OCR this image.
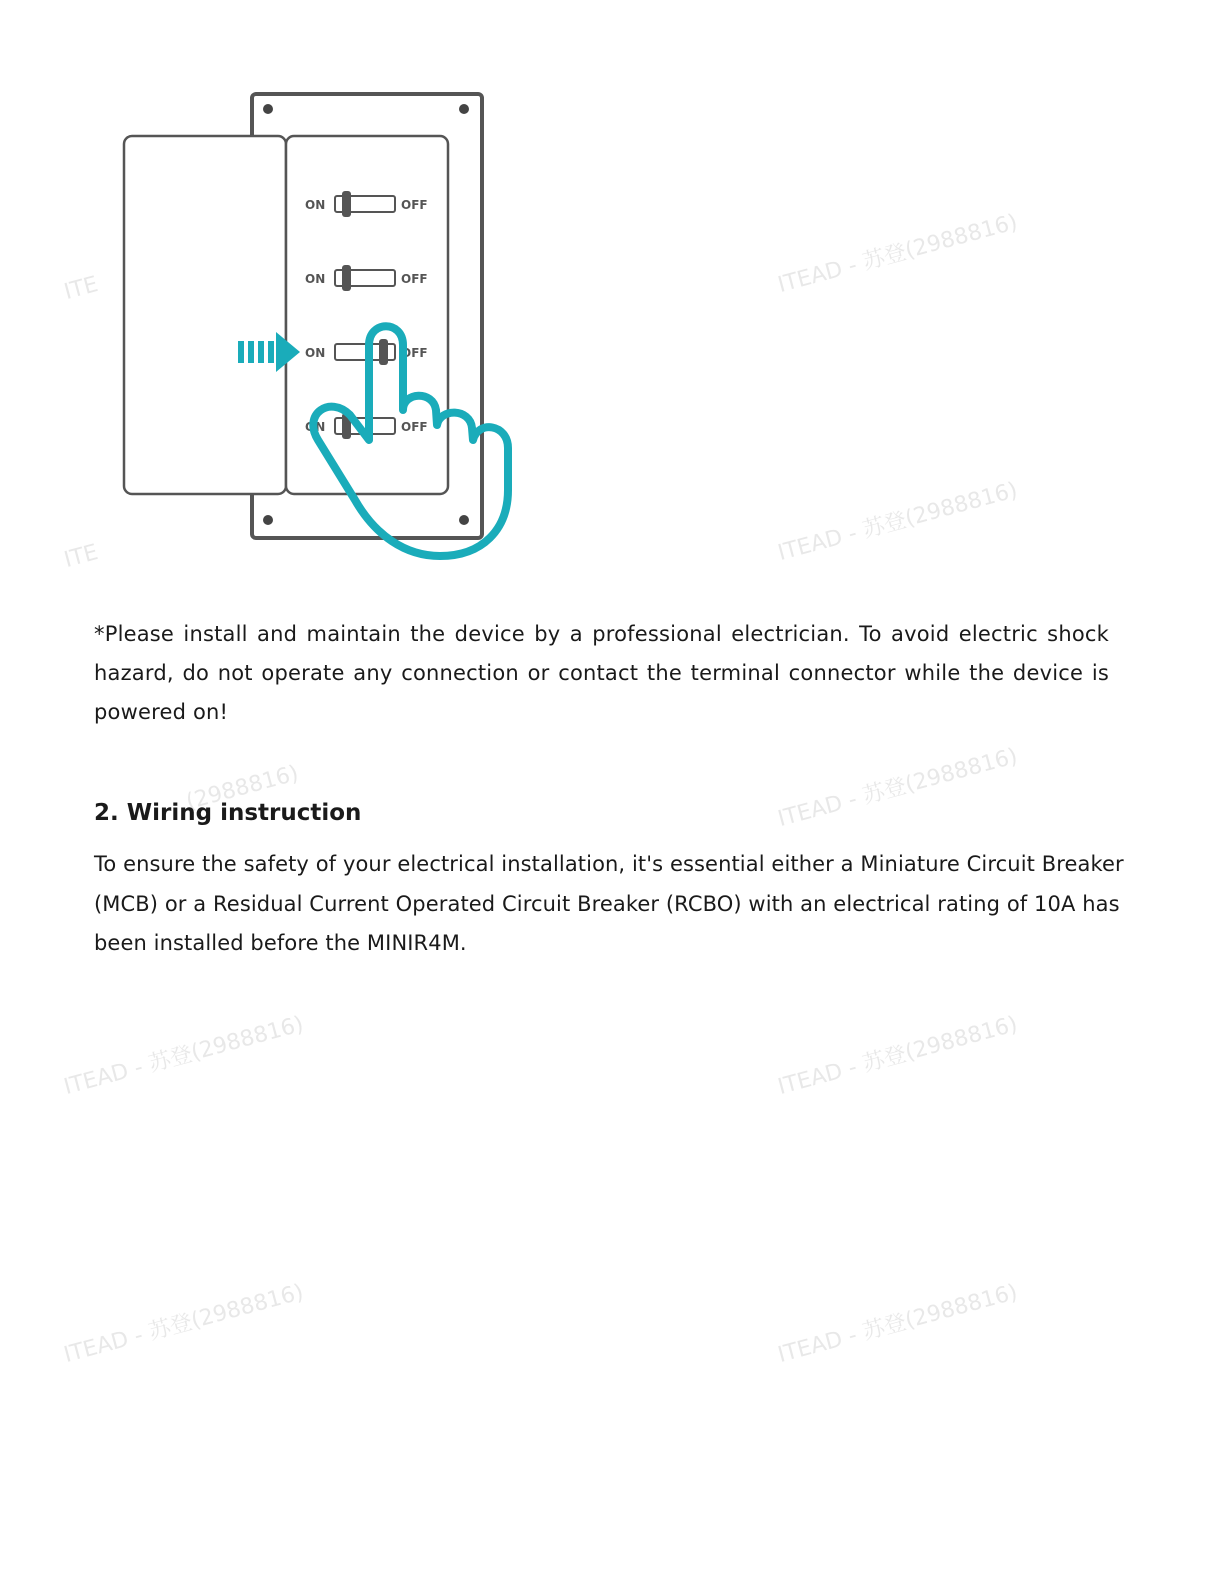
ON	OFF
ON	OFF
ON	OFF
ON	OFF

*Please install and maintain the device by a professional electrician. To avoid electric shock hazard, do not operate any connection or contact the terminal connector while the device is powered on!

2. Wiring instruction

To ensure the safety of your electrical installation, it's essential either a Miniature Circuit Breaker (MCB) or a Residual Current Operated Circuit Breaker (RCBO) with an electrical rating of 10A has been installed before the MINIR4M.

ITE	ITEAD - 苏登(2988816)
ITE	ITEAD - 苏登(2988816)
(2988816)	ITEAD - 苏登(2988816)
ITEAD - 苏登(2988816)	ITEAD - 苏登(2988816)
ITEAD - 苏登(2988816)	ITEAD - 苏登(2988816)
